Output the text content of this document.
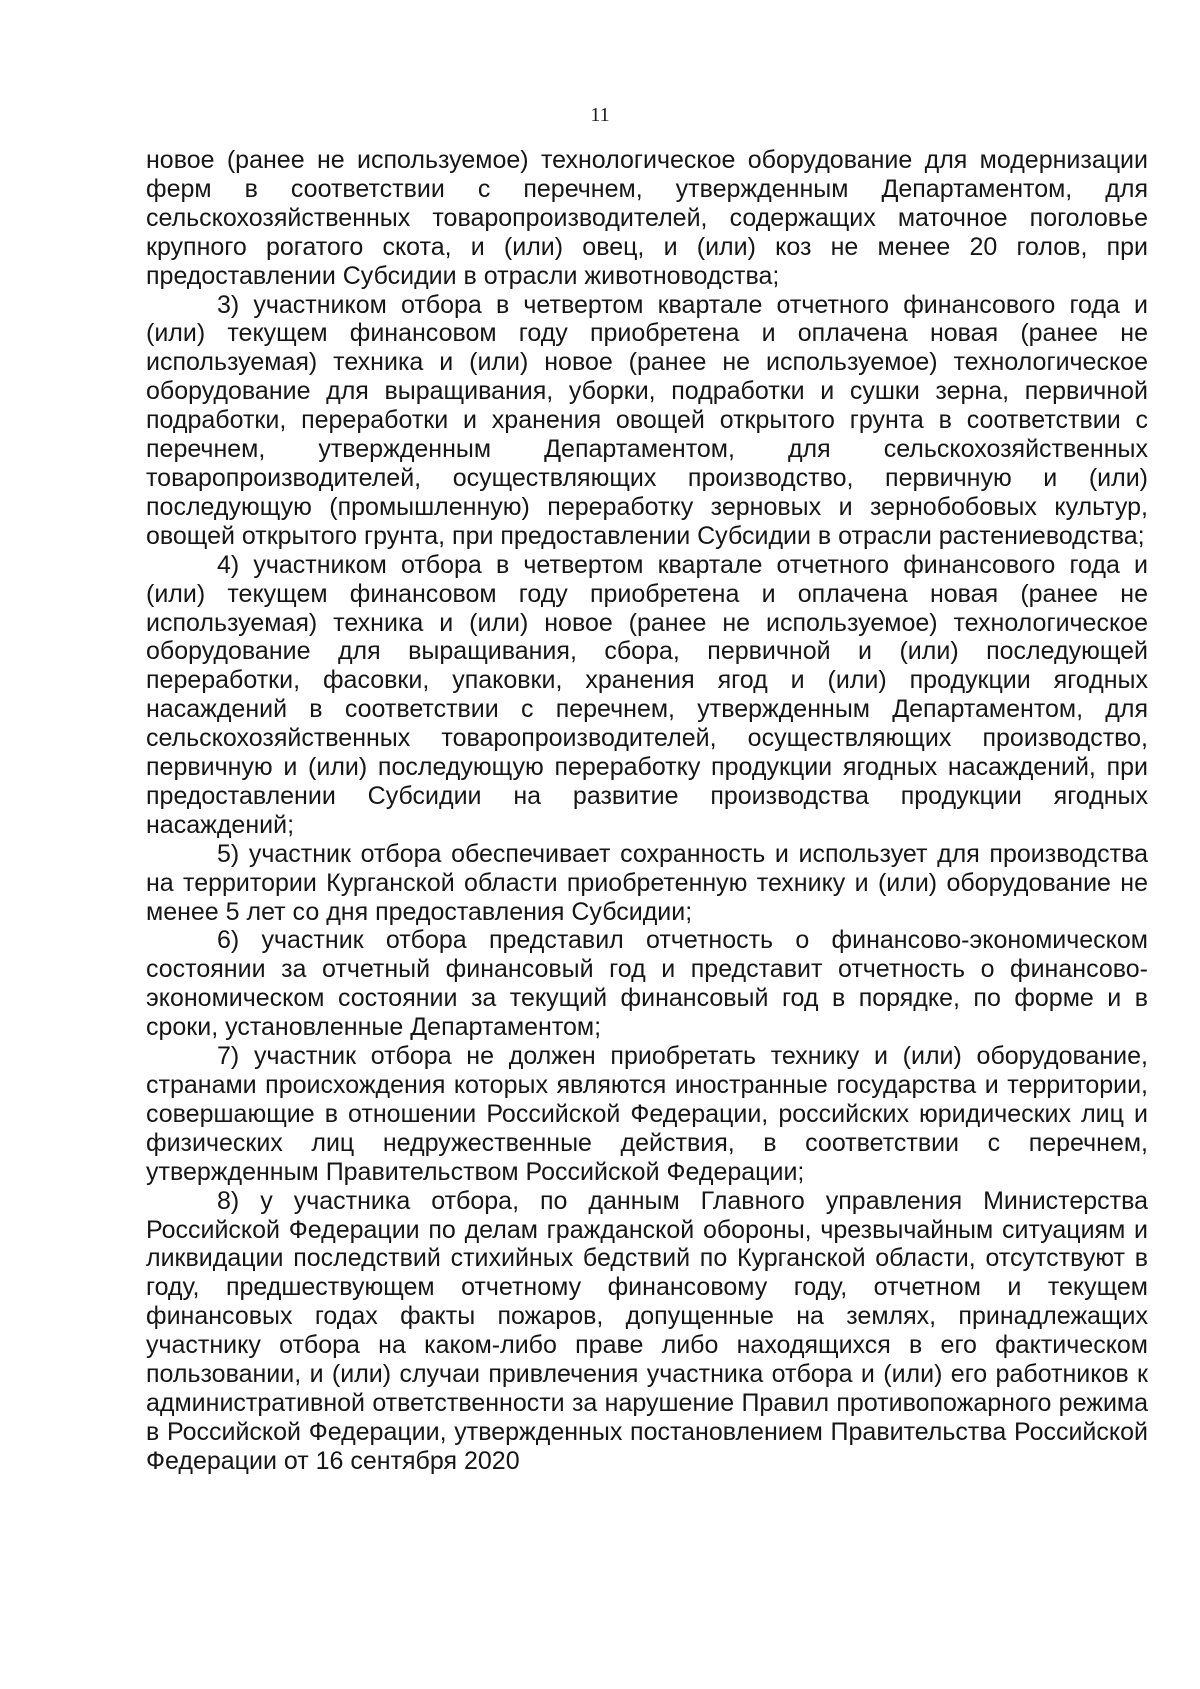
11

новое (ранее не используемое) технологическое оборудование для модернизации ферм в соответствии с перечнем, утвержденным Департаментом, для сельскохозяйственных товаропроизводителей, содержащих маточное поголовье крупного рогатого скота, и (или) овец, и (или) коз не менее 20 голов, при предоставлении Субсидии в отрасли животноводства;

3) участником отбора в четвертом квартале отчетного финансового года и (или) текущем финансовом году приобретена и оплачена новая (ранее не используемая) техника и (или) новое (ранее не используемое) технологическое оборудование для выращивания, уборки, подработки и сушки зерна, первичной подработки, переработки и хранения овощей открытого грунта в соответствии с перечнем, утвержденным Департаментом, для сельскохозяйственных товаропроизводителей, осуществляющих производство, первичную и (или) последующую (промышленную) переработку зерновых и зернобобовых культур, овощей открытого грунта, при предоставлении Субсидии в отрасли растениеводства;

4) участником отбора в четвертом квартале отчетного финансового года и (или) текущем финансовом году приобретена и оплачена новая (ранее не используемая) техника и (или) новое (ранее не используемое) технологическое оборудование для выращивания, сбора, первичной и (или) последующей переработки, фасовки, упаковки, хранения ягод и (или) продукции ягодных насаждений в соответствии с перечнем, утвержденным Департаментом, для сельскохозяйственных товаропроизводителей, осуществляющих производство, первичную и (или) последующую переработку продукции ягодных насаждений, при предоставлении Субсидии на развитие производства продукции ягодных насаждений;

5) участник отбора обеспечивает сохранность и использует для производства на территории Курганской области приобретенную технику и (или) оборудование не менее 5 лет со дня предоставления Субсидии;

6) участник отбора представил отчетность о финансово-экономическом состоянии за отчетный финансовый год и представит отчетность о финансово-экономическом состоянии за текущий финансовый год в порядке, по форме и в сроки, установленные Департаментом;

7) участник отбора не должен приобретать технику и (или) оборудование, странами происхождения которых являются иностранные государства и территории, совершающие в отношении Российской Федерации, российских юридических лиц и физических лиц недружественные действия, в соответствии с перечнем, утвержденным Правительством Российской Федерации;

8) у участника отбора, по данным Главного управления Министерства Российской Федерации по делам гражданской обороны, чрезвычайным ситуациям и ликвидации последствий стихийных бедствий по Курганской области, отсутствуют в году, предшествующем отчетному финансовому году, отчетном и текущем финансовых годах факты пожаров, допущенные на землях, принадлежащих участнику отбора на каком-либо праве либо находящихся в его фактическом пользовании, и (или) случаи привлечения участника отбора и (или) его работников к административной ответственности за нарушение Правил противопожарного режима в Российской Федерации, утвержденных постановлением Правительства Российской Федерации от 16 сентября 2020
